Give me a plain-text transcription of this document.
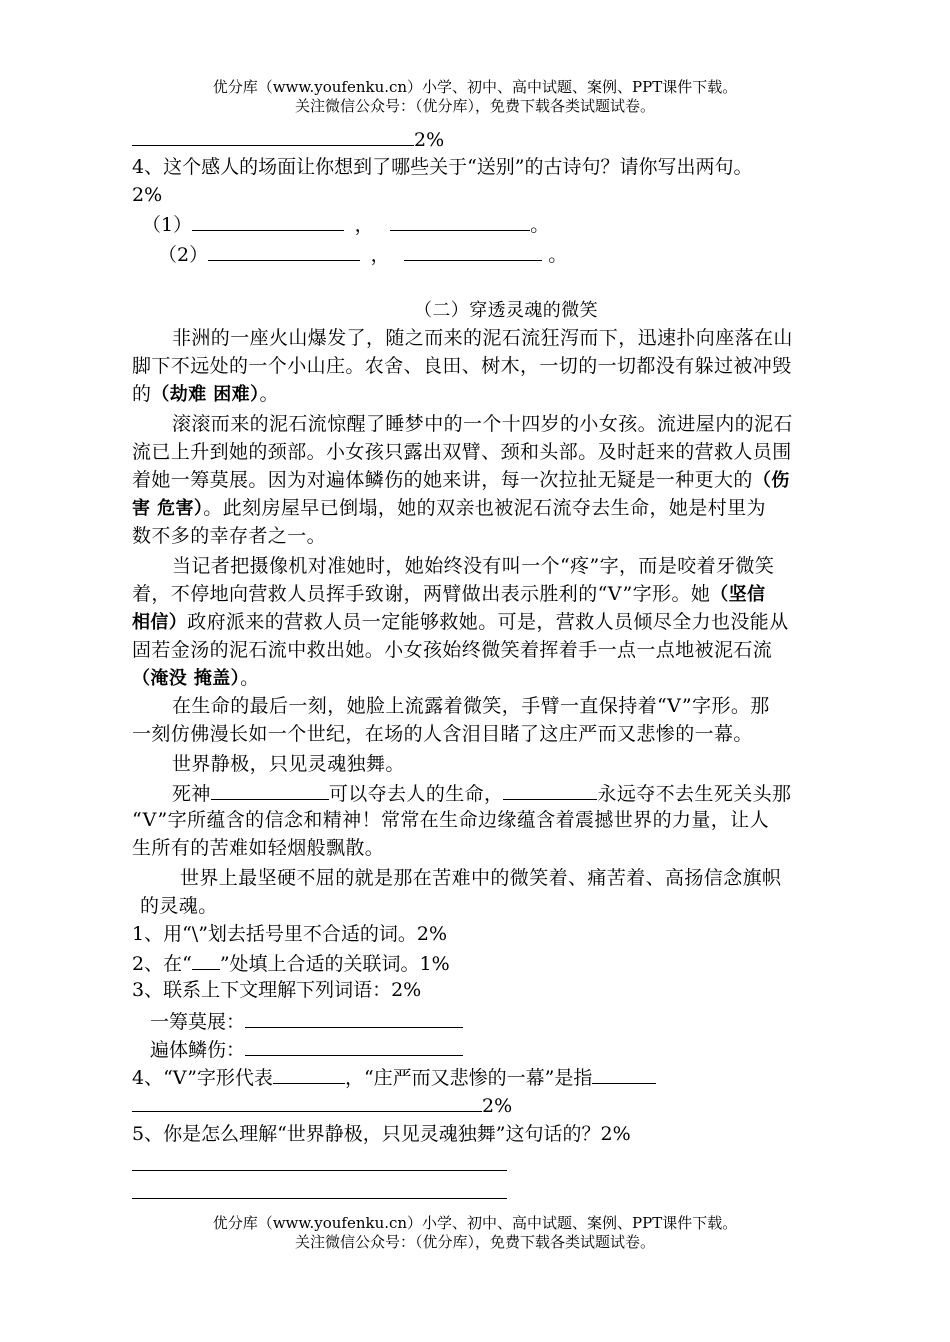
优分库（www.youfenku.cn）小学、初中、高中试题、案例、PPT课件下载。
关注微信公众号：（优分库），免费下载各类试题试卷。
2%
4、这个感人的场面让你想到了哪些关于“送别”的古诗句？请你写出两句。
2%
（1）	，	。
（2）	，	。
（二）穿透灵魂的微笑
非洲的一座火山爆发了，随之而来的泥石流狂泻而下，迅速扑向座落在山
脚下不远处的一个小山庄。农舍、良田、树木，一切的一切都没有躲过被冲毁
的（劫难 困难）。
滚滚而来的泥石流惊醒了睡梦中的一个十四岁的小女孩。流进屋内的泥石
流已上升到她的颈部。小女孩只露出双臂、颈和头部。及时赶来的营救人员围
着她一筹莫展。因为对遍体鳞伤的她来讲，每一次拉扯无疑是一种更大的（伤
害 危害）。此刻房屋早已倒塌，她的双亲也被泥石流夺去生命，她是村里为
数不多的幸存者之一。
当记者把摄像机对准她时，她始终没有叫一个“疼”字，而是咬着牙微笑
着，不停地向营救人员挥手致谢，两臂做出表示胜利的“V”字形。她（坚信
相信）政府派来的营救人员一定能够救她。可是，营救人员倾尽全力也没能从
固若金汤的泥石流中救出她。小女孩始终微笑着挥着手一点一点地被泥石流
（淹没 掩盖）。
在生命的最后一刻，她脸上流露着微笑，手臂一直保持着“V”字形。那
一刻仿佛漫长如一个世纪，在场的人含泪目睹了这庄严而又悲惨的一幕。
世界静极，只见灵魂独舞。
死神	可以夺去人的生命，	永远夺不去生死关头那
“V”字所蕴含的信念和精神！常常在生命边缘蕴含着震撼世界的力量，让人
生所有的苦难如轻烟般飘散。
世界上最坚硬不屈的就是那在苦难中的微笑着、痛苦着、高扬信念旗帜
的灵魂。
1、用“\”划去括号里不合适的词。2%
2、在“ ”处填上合适的关联词。1%
3、联系上下文理解下列词语：2%
一筹莫展：
遍体鳞伤：
4、“V”字形代表	，“庄严而又悲惨的一幕”是指
2%
5、你是怎么理解“世界静极，只见灵魂独舞”这句话的？2%
优分库（www.youfenku.cn）小学、初中、高中试题、案例、PPT课件下载。
关注微信公众号：（优分库），免费下载各类试题试卷。
